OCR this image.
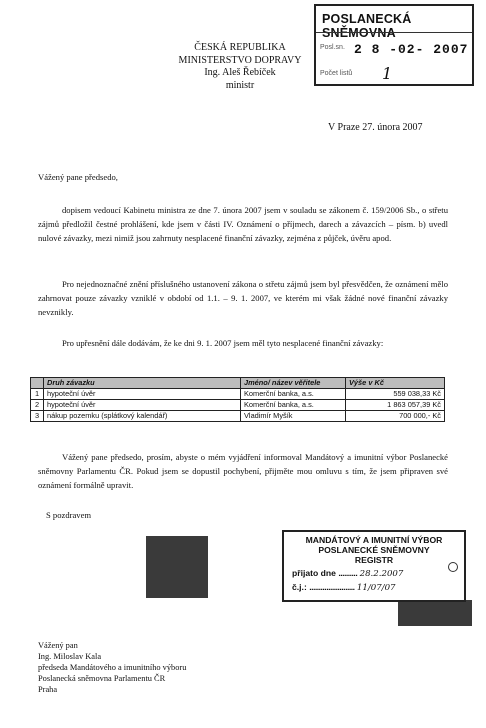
POSLANECKÁ SNĚMOVNA
Posl.sn. 2 8 -02- 2007
Počet listů 1
ČESKÁ REPUBLIKA
MINISTERSTVO DOPRAVY
Ing. Aleš Řebíček
ministr
V Praze 27. února 2007
Vážený pane předsedo,
dopisem vedoucí Kabinetu ministra ze dne 7. února 2007 jsem v souladu se zákonem č. 159/2006 Sb., o střetu zájmů předložil čestné prohlášení, kde jsem v části IV. Oznámení o příjmech, darech a závazcích – písm. b) uvedl nulové závazky, mezi nimiž jsou zahrnuty nesplacené finanční závazky, zejména z půjček, úvěru apod.
Pro nejednoznačné znění příslušného ustanovení zákona o střetu zájmů jsem byl přesvědčen, že oznámení mělo zahrnovat pouze závazky vzniklé v období od 1.1. – 9. 1. 2007, ve kterém mi však žádné nové finanční závazky nevznikly.
Pro upřesnění dále dodávám, že ke dni 9. 1. 2007 jsem měl tyto nesplacené finanční závazky:
	Druh závazku	Jméno/ název věřitele	Výše v Kč
1	hypoteční úvěr	Komerční banka, a.s.	559 038,33 Kč
2	hypoteční úvěr	Komerční banka, a.s.	1 863 057,39 Kč
3	nákup pozemku (splátkový kalendář)	Vladimír Myšík	700 000,- Kč
Vážený pane předsedo, prosím, abyste o mém vyjádření informoval Mandátový a imunitní výbor Poslanecké sněmovny Parlamentu ČR. Pokud jsem se dopustil pochybení, přijměte mou omluvu s tím, že jsem připraven své oznámení formálně upravit.
S pozdravem
MANDÁTOVÝ A IMUNITNÍ VÝBOR
POSLANECKÉ SNĚMOVNY
REGISTR
přijato dne .......... 28.2.2007
č.j.: ........................ 11/07/07
Vážený pan
Ing. Miloslav Kala
předseda Mandátového a imunitního výboru
Poslanecká sněmovna Parlamentu ČR
Praha
